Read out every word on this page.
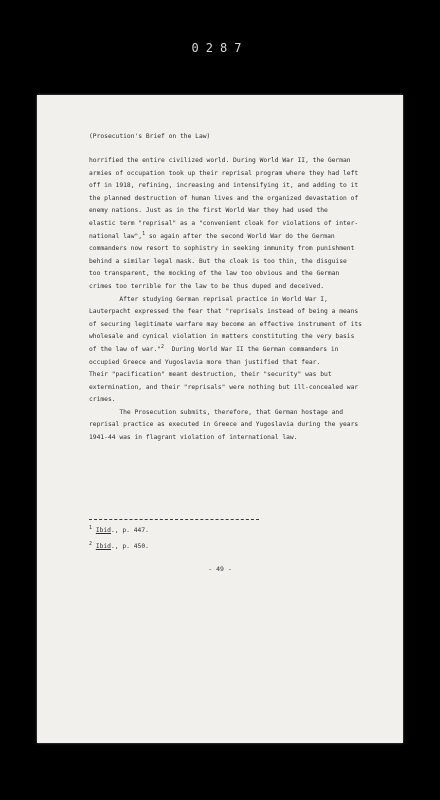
0287
(Prosecution's Brief on the Law)
horrified the entire civilized world. During World War II, the German
armies of occupation took up their reprisal program where they had left
off in 1918, refining, increasing and intensifying it, and adding to it
the planned destruction of human lives and the organized devastation of
enemy nations. Just as in the first World War they had used the
elastic term "reprisal" as a "convenient cloak for violations of inter-
national law",$^1$ so again after the second World War do the German
commanders now resort to sophistry in seeking immunity from punishment
behind a similar legal mask. But the cloak is too thin, the disguise
too transparent, the mocking of the law too obvious and the German
crimes too terrible for the law to be thus duped and deceived.
After studying German reprisal practice in World War I,
Lauterpacht expressed the fear that "reprisals instead of being a means
of securing legitimate warfare may become an effective instrument of its
wholesale and cynical violation in matters constituting the very basis
of the law of war."$^2$  During World War II the German commanders in
occupied Greece and Yugoslavia more than justified that fear.
Their "pacification" meant destruction, their "security" was but
extermination, and their "reprisals" were nothing but ill-concealed war
crimes.
The Prosecution submits, therefore, that German hostage and
reprisal practice as executed in Greece and Yugoslavia during the years
1941-44 was in flagrant violation of international law.
$^1$ Ibid., p. 447.
$^2$ Ibid., p. 450.
- 49 -
